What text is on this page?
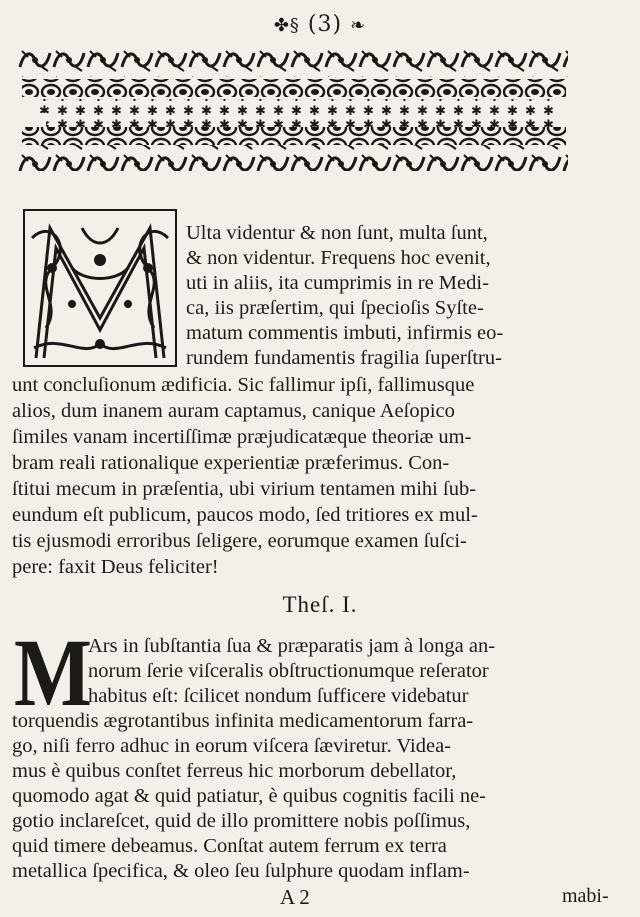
✤§ (3) ❧
Ulta videntur & non ſunt, multa ſunt,
& non videntur. Frequens hoc evenit,
uti in aliis, ita cumprimis in re Medi-
ca, iis præſertim, qui ſpecioſis Syſte-
matum commentis imbuti, infirmis eo-
rundem fundamentis fragilia ſuperſtru-
unt concluſionum ædificia. Sic fallimur ipſi, fallimusque
alios, dum inanem auram captamus, canique Aeſopico
ſimiles vanam incertiſſimæ præjudicatæque theoriæ um-
bram reali rationalique experientiæ præferimus. Con-
ſtitui mecum in præſentia, ubi virium tentamen mihi ſub-
eundum eſt publicum, paucos modo, ſed tritiores ex mul-
tis ejusmodi erroribus ſeligere, eorumque examen ſuſci-
pere: faxit Deus feliciter!
Theſ. I.
M
Ars in ſubſtantia ſua & præparatis jam à longa an-
norum ſerie viſceralis obſtructionumque reſerator
habitus eſt: ſcilicet nondum ſufficere videbatur
torquendis ægrotantibus infinita medicamentorum farra-
go, niſi ferro adhuc in eorum viſcera ſæviretur. Videa-
mus è quibus conſtet ferreus hic morborum debellator,
quomodo agat & quid patiatur, è quibus cognitis facili ne-
gotio inclareſcet, quid de illo promittere nobis poſſimus,
quid timere debeamus. Conſtat autem ferrum ex terra
metallica ſpecifica, & oleo ſeu ſulphure quodam inflam-
A 2	mabi-
